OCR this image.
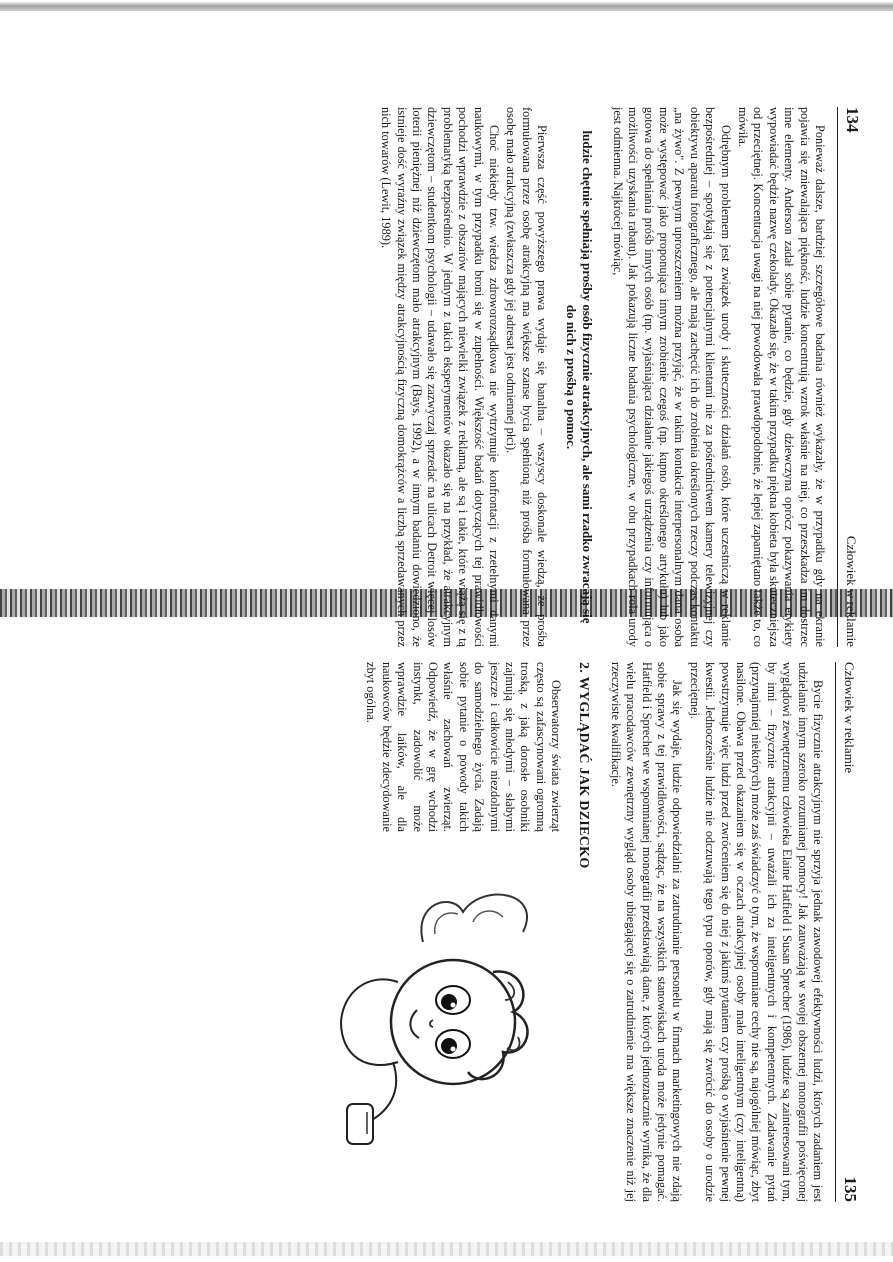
134
Człowiek w reklamie

Ponieważ dalsze, bardziej szczegółowe badania również wykazały, że w przypadku gdy na ekranie pojawia się zniewalająca piękność, ludzie koncentrują wzrok właśnie na niej, co przeszkadza im dostrzec inne elementy. Anderson zadał sobie pytanie, co będzie, gdy dziewczyna oprócz pokazywania etykiety wypowiadać będzie nazwę czekolady. Okazało się, że w takim przypadku piękna kobieta była skuteczniejsza od przeciętnej. Koncentracja uwagi na niej powodowała prawdopodobnie, że lepiej zapamiętano także to, co mówiła.

Odrębnym problemem jest związek urody i skuteczności działań osób, które uczestniczą w reklamie bezpośredniej – spotykają się z potencjalnymi klientami nie za pośrednictwem kamery telewizyjnej czy obiektywu aparatu fotograficznego, ale mają zachęcić ich do zrobienia określonych rzeczy podczas kontaktu „na żywo". Z pewnym uproszczeniem można przyjąć, że w takim kontakcie interpersonalnym dana osoba może występować jako proponująca innym zrobienie czegoś (np. kupno określonego artykułu) lub jako gotowa do spełniania próśb innych osób (np. wyjaśniająca działanie jakiegoś urządzenia czy informująca o możliwości uzyskania rabatu). Jak pokazują liczne badania psychologiczne, w obu przypadkach rola urody jest odmienna. Najkrócej mówiąc,

ludzie chętnie spełniają prośby osób fizycznie atrakcyjnych, ale sami rzadko zwracają się do nich z prośbą o pomoc.

Pierwsza część powyższego prawa wydaje się banalna – wszyscy doskonale wiedzą, że prośba formułowana przez osobę atrakcyjną ma większe szanse bycia spełnioną niż prośba formułowana przez osobę mało atrakcyjną (zwłaszcza gdy jej adresat jest odmiennej płci).

Choć niekiedy tzw. wiedza zdroworozsądkowa nie wytrzymuje konfrontacji z rzetelnymi danymi naukowymi, w tym przypadku broni się w zupełności. Większość badań dotyczących tej prawidłowości pochodzi wprawdzie z obszarów mających niewielki związek z reklamą, ale są i takie, które wiążą się z tą problematyką bezpośrednio. W jednym z takich eksperymentów okazało się na przykład, że atrakcyjnym dziewczętom – studentkom psychologii – udawało się zazwyczaj sprzedać na ulicach Detroit więcej losów loterii pieniężnej niż dziewczętom mało atrakcyjnym (Bays, 1992), a w innym badaniu dowiedziono, że istnieje dość wyraźny związek między atrakcyjnością fizyczną domokrążców a liczbą sprzedawanych przez nich towarów (Lewit, 1989).

Człowiek w reklamie
135

Bycie fizycznie atrakcyjnym nie sprzyja jednak zawodowej efektywności ludzi, których zadaniem jest udzielanie innym szeroko rozumianej pomocy! Jak zauważają w swojej obszernej monografii poświęconej wyglądowi zewnętrznemu człowieka Elaine Hatfield i Susan Sprecher (1986), ludzie są zainteresowani tym, by inni – fizycznie atrakcyjni – uważali ich za inteligentnych i kompetentnych. Zadawanie pytań (przynajmniej niektórych) może zaś świadczyć o tym, że wspomniane cechy nie są, najogólniej mówiąc, zbyt nasilone. Obawa przed okazaniem się w oczach atrakcyjnej osoby mało inteligentnym (czy inteligentną) powstrzymuje więc ludzi przed zwróceniem się do niej z jakimś pytaniem czy prośbą o wyjaśnienie pewnej kwestii. Jednocześnie ludzie nie odczuwają tego typu oporów, gdy mają się zwrócić do osoby o urodzie przeciętnej.

Jak się wydaje, ludzie odpowiedzialni za zatrudnianie personelu w firmach marketingowych nie zdają sobie sprawy z tej prawidłowości, sądząc, że na wszystkich stanowiskach uroda może jedynie pomagać. Hatfield i Sprecher we wspomnianej monografii przedstawiają dane, z których jednoznacznie wynika, że dla wielu pracodawców zewnętrzny wygląd osoby ubiegającej się o zatrudnienie ma większe znaczenie niż jej rzeczywiste kwalifikacje.

2. WYGLĄDAĆ JAK DZIECKO

Obserwatorzy świata zwierząt często są zafascynowani ogromną troską, z jaką dorosłe osobniki zajmują się młodymi – słabymi jeszcze i całkowicie niezdolnymi do samodzielnego życia. Zadają sobie pytanie o powody takich właśnie zachowań zwierząt. Odpowiedź, że w grę wchodzi instynkt, zadowolić może wprawdzie laików, ale dla naukowców będzie zdecydowanie zbyt ogólna.
